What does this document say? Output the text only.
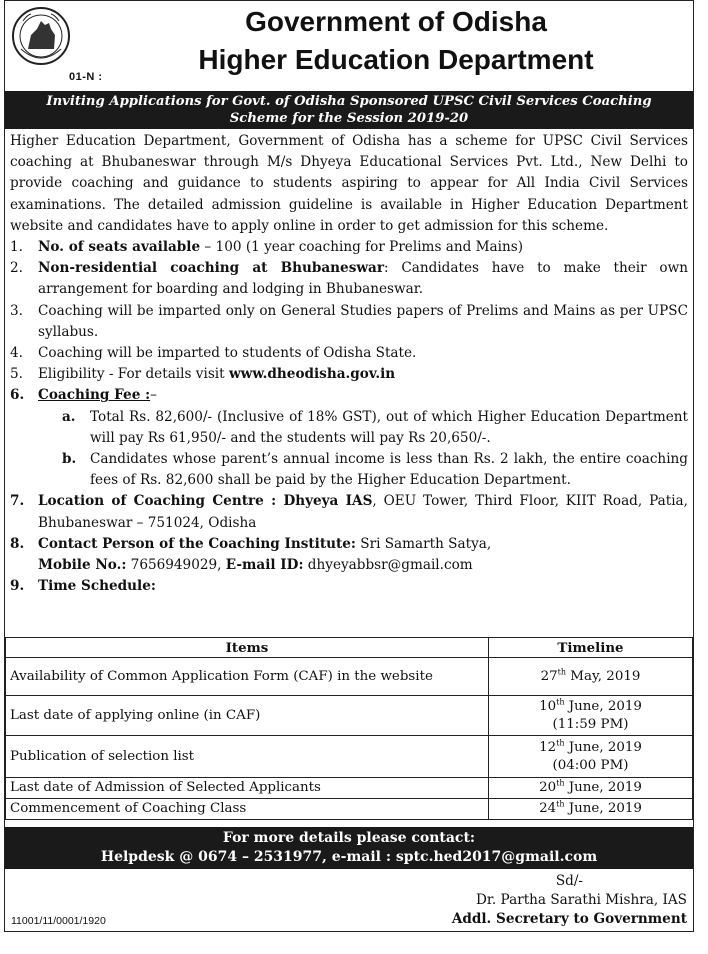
01-N :
Government of Odisha
Higher Education Department
Inviting Applications for Govt. of Odisha Sponsored UPSC Civil Services Coaching
Scheme for the Session 2019-20

Higher Education Department, Government of Odisha has a scheme for UPSC Civil Services coaching at Bhubaneswar through M/s Dhyeya Educational Services Pvt. Ltd., New Delhi to provide coaching and guidance to students aspiring to appear for All India Civil Services examinations. The detailed admission guideline is available in Higher Education Department website and candidates have to apply online in order to get admission for this scheme.

1.	No. of seats available – 100 (1 year coaching for Prelims and Mains)
2.	Non-residential coaching at Bhubaneswar: Candidates have to make their own arrangement for boarding and lodging in Bhubaneswar.
3.	Coaching will be imparted only on General Studies papers of Prelims and Mains as per UPSC syllabus.
4.	Coaching will be imparted to students of Odisha State.
5.	Eligibility - For details visit www.dheodisha.gov.in
6.	Coaching Fee :–
a.	Total Rs. 82,600/- (Inclusive of 18% GST), out of which Higher Education Department will pay Rs 61,950/- and the students will pay Rs 20,650/-.
b.	Candidates whose parent’s annual income is less than Rs. 2 lakh, the entire coaching fees of Rs. 82,600 shall be paid by the Higher Education Department.
7.	Location of Coaching Centre : Dhyeya IAS, OEU Tower, Third Floor, KIIT Road, Patia, Bhubaneswar – 751024, Odisha
8.	Contact Person of the Coaching Institute: Sri Samarth Satya,
Mobile No.: 7656949029, E-mail ID: dhyeyabbsr@gmail.com
9.	Time Schedule:
Items	Timeline
Availability of Common Application Form (CAF) in the website	27th May, 2019
Last date of applying online (in CAF)	10th June, 2019
(11:59 PM)
Publication of selection list	12th June, 2019
(04:00 PM)
Last date of Admission of Selected Applicants	20th June, 2019
Commencement of Coaching Class	24th June, 2019
For more details please contact:
Helpdesk @ 0674 – 2531977, e-mail : sptc.hed2017@gmail.com
Sd/-
Dr. Partha Sarathi Mishra, IAS
Addl. Secretary to Government
11001/11/0001/1920
